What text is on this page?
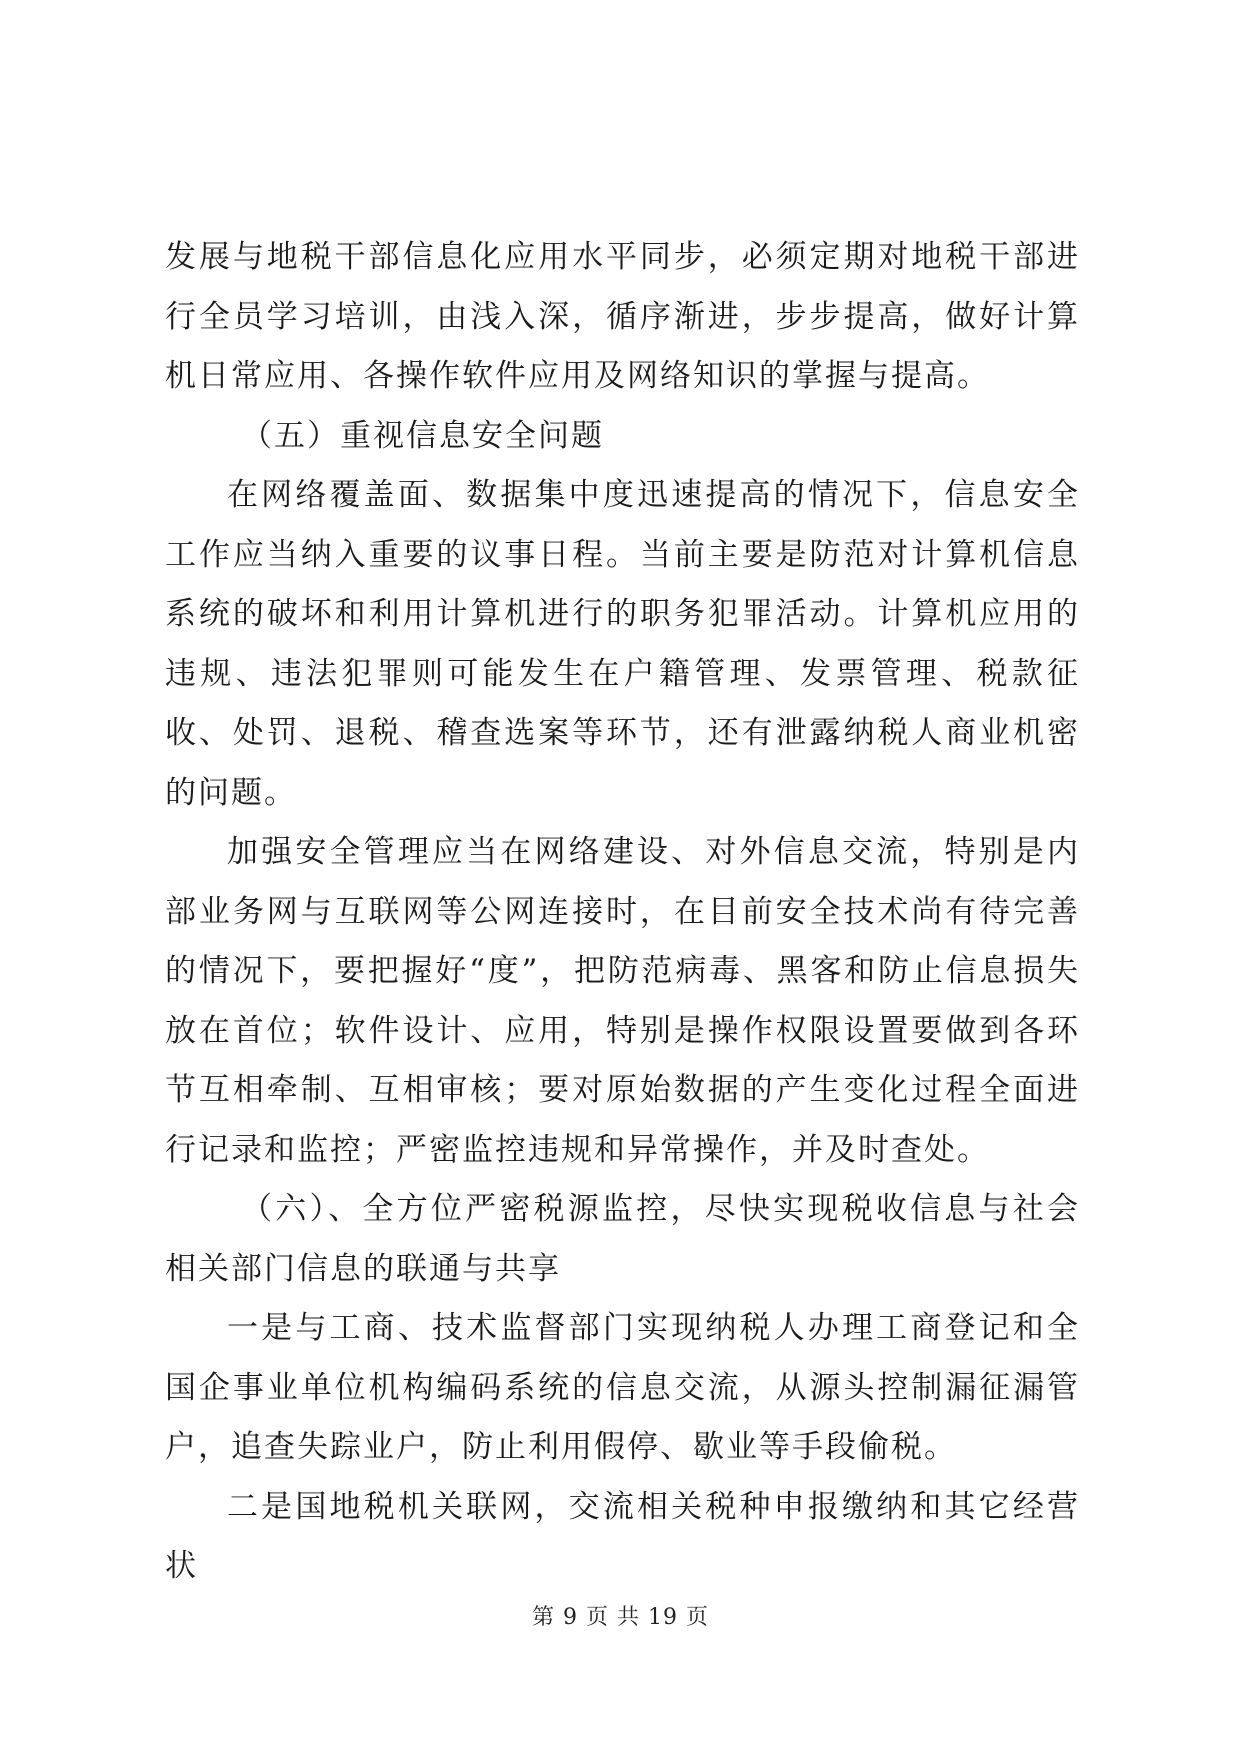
发展与地税干部信息化应用水平同步，必须定期对地税干部进行全员学习培训，由浅入深，循序渐进，步步提高，做好计算机日常应用、各操作软件应用及网络知识的掌握与提高。

（五）重视信息安全问题

在网络覆盖面、数据集中度迅速提高的情况下，信息安全工作应当纳入重要的议事日程。当前主要是防范对计算机信息系统的破坏和利用计算机进行的职务犯罪活动。计算机应用的违规、违法犯罪则可能发生在户籍管理、发票管理、税款征收、处罚、退税、稽查选案等环节，还有泄露纳税人商业机密的问题。

加强安全管理应当在网络建设、对外信息交流，特别是内部业务网与互联网等公网连接时，在目前安全技术尚有待完善的情况下，要把握好“度”，把防范病毒、黑客和防止信息损失放在首位；软件设计、应用，特别是操作权限设置要做到各环节互相牵制、互相审核；要对原始数据的产生变化过程全面进行记录和监控；严密监控违规和异常操作，并及时查处。

（六）、全方位严密税源监控，尽快实现税收信息与社会相关部门信息的联通与共享

一是与工商、技术监督部门实现纳税人办理工商登记和全国企事业单位机构编码系统的信息交流，从源头控制漏征漏管户，追查失踪业户，防止利用假停、歇业等手段偷税。

二是国地税机关联网，交流相关税种申报缴纳和其它经营状

第 9 页 共 19 页
